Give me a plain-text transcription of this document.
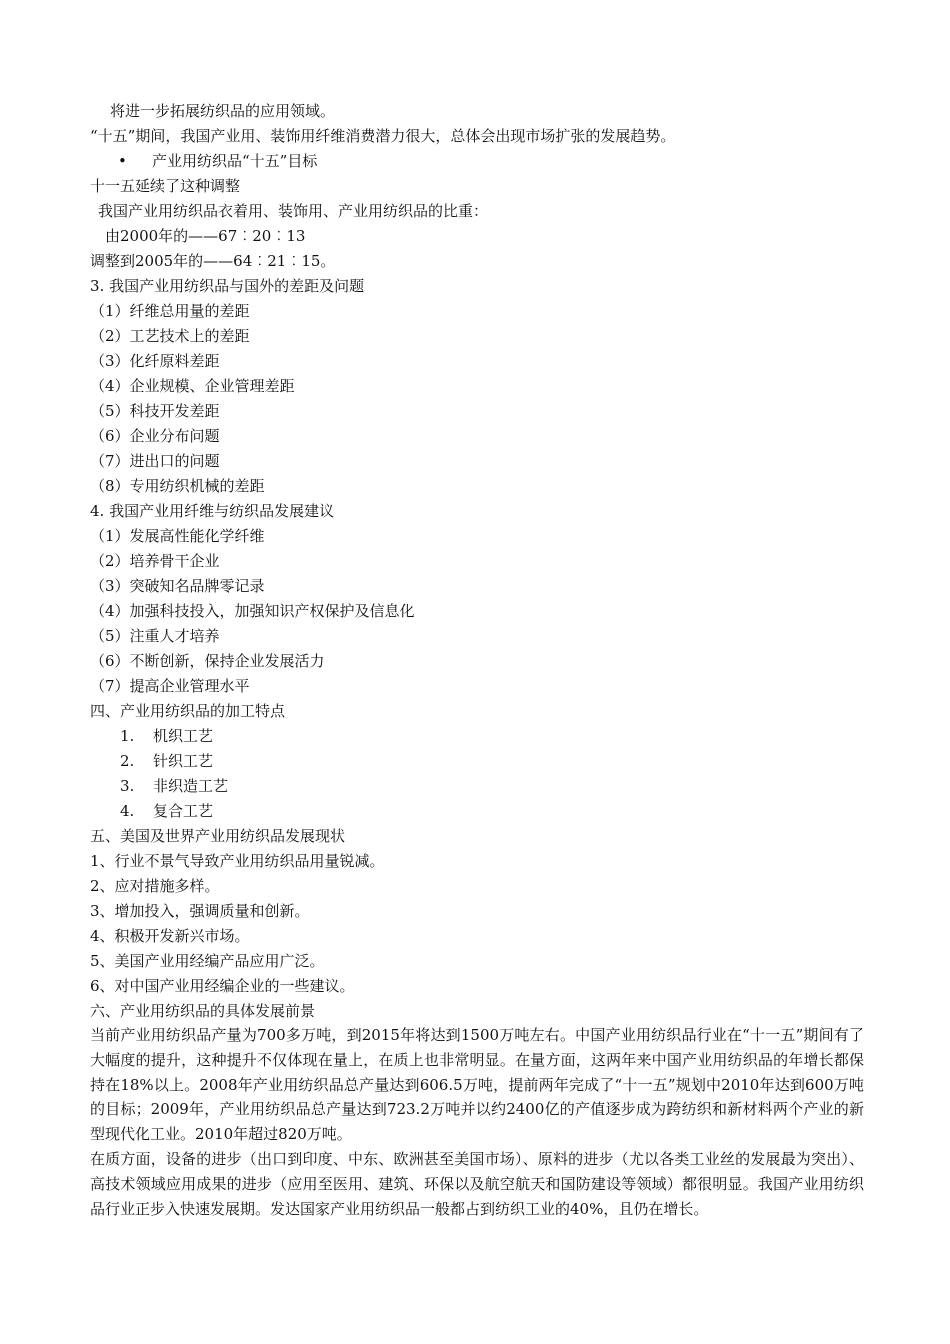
将进一步拓展纺织品的应用领域。
“十五”期间，我国产业用、装饰用纤维消费潜力很大，总体会出现市场扩张的发展趋势。
• 产业用纺织品“十五”目标
十一五延续了这种调整
我国产业用纺织品衣着用、装饰用、产业用纺织品的比重：
由2000年的——67︰20︰13
调整到2005年的——64︰21︰15。
3. 我国产业用纺织品与国外的差距及问题
（1）纤维总用量的差距
（2）工艺技术上的差距
（3）化纤原料差距
（4）企业规模、企业管理差距
（5）科技开发差距
（6）企业分布问题
（7）进出口的问题
（8）专用纺织机械的差距
4. 我国产业用纤维与纺织品发展建议
（1）发展高性能化学纤维
（2）培养骨干企业
（3）突破知名品牌零记录
（4）加强科技投入，加强知识产权保护及信息化
（5）注重人才培养
（6）不断创新，保持企业发展活力
（7）提高企业管理水平
四、产业用纺织品的加工特点
1. 机织工艺
2. 针织工艺
3. 非织造工艺
4. 复合工艺
五、美国及世界产业用纺织品发展现状
1、行业不景气导致产业用纺织品用量锐减。
2、应对措施多样。
3、增加投入，强调质量和创新。
4、积极开发新兴市场。
5、美国产业用经编产品应用广泛。
6、对中国产业用经编企业的一些建议。
六、产业用纺织品的具体发展前景
当前产业用纺织品产量为700多万吨，到2015年将达到1500万吨左右。中国产业用纺织品行业在“十一五”期间有了大幅度的提升，这种提升不仅体现在量上，在质上也非常明显。在量方面，这两年来中国产业用纺织品的年增长都保持在18%以上。2008年产业用纺织品总产量达到606.5万吨，提前两年完成了“十一五”规划中2010年达到600万吨的目标；2009年，产业用纺织品总产量达到723.2万吨并以约2400亿的产值逐步成为跨纺织和新材料两个产业的新型现代化工业。2010年超过820万吨。
在质方面，设备的进步（出口到印度、中东、欧洲甚至美国市场）、原料的进步（尤以各类工业丝的发展最为突出）、高技术领域应用成果的进步（应用至医用、建筑、环保以及航空航天和国防建设等领域）都很明显。我国产业用纺织品行业正步入快速发展期。发达国家产业用纺织品一般都占到纺织工业的40%，且仍在增长。
